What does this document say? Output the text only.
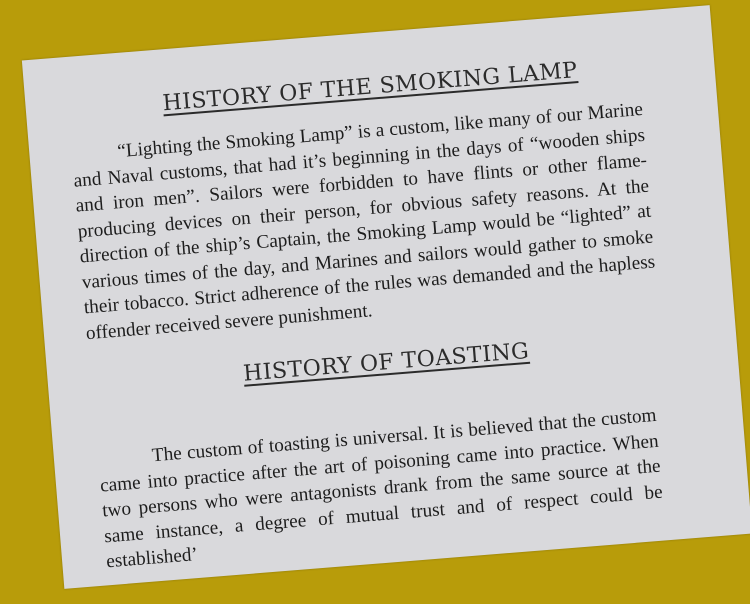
HISTORY OF THE SMOKING LAMP

“Lighting the Smoking Lamp” is a custom, like many of our Marine and Naval customs, that had it’s beginning in the days of “wooden ships and iron men”. Sailors were forbidden to have flints or other flame-producing devices on their person, for obvious safety reasons. At the direction of the ship’s Captain, the Smoking Lamp would be “lighted” at various times of the day, and Marines and sailors would gather to smoke their tobacco. Strict adherence of the rules was demanded and the hapless offender received severe punishment.

HISTORY OF TOASTING

The custom of toasting is universal. It is believed that the custom came into practice after the art of poisoning came into practice. When two persons who were antagonists drank from the same source at the same instance, a degree of mutual trust and of respect could be established’
